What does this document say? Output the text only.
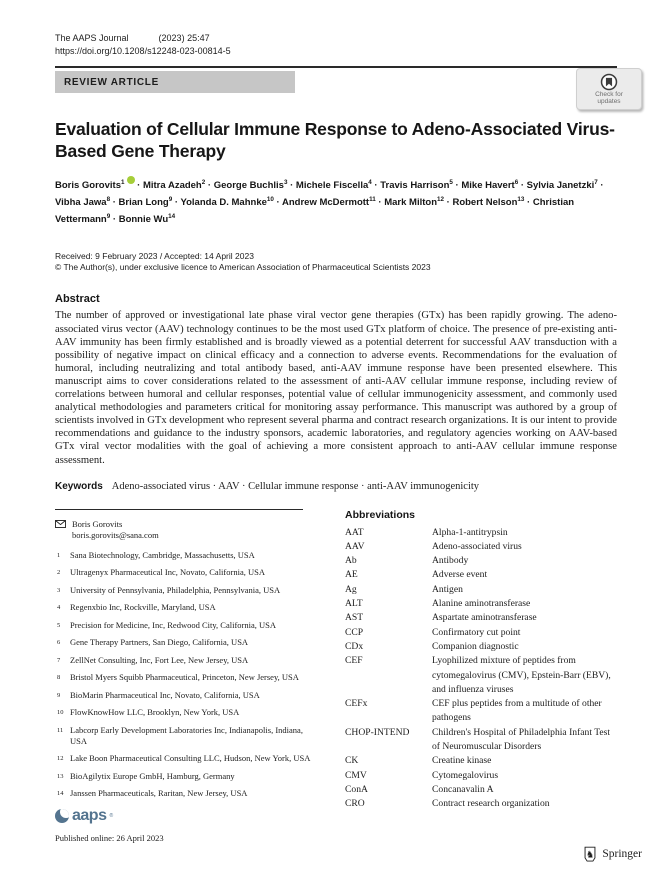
The AAPS Journal	(2023) 25:47
https://doi.org/10.1208/s12248-023-00814-5
REVIEW ARTICLE
Check for
updates
Evaluation of Cellular Immune Response to Adeno-Associated Virus-Based Gene Therapy
Boris Gorovits$^1$ · Mitra Azadeh$^2$ · George Buchlis$^3$ · Michele Fiscella$^4$ · Travis Harrison$^5$ · Mike Havert$^6$ · Sylvia Janetzki$^7$ · Vibha Jawa$^8$ · Brian Long$^9$ · Yolanda D. Mahnke$^{10}$ · Andrew McDermott$^{11}$ · Mark Milton$^{12}$ · Robert Nelson$^{13}$ · Christian Vettermann$^9$ · Bonnie Wu$^{14}$
Received: 9 February 2023 / Accepted: 14 April 2023
© The Author(s), under exclusive licence to American Association of Pharmaceutical Scientists 2023
Abstract
The number of approved or investigational late phase viral vector gene therapies (GTx) has been rapidly growing. The adeno-associated virus vector (AAV) technology continues to be the most used GTx platform of choice. The presence of pre-existing anti-AAV immunity has been firmly established and is broadly viewed as a potential deterrent for successful AAV transduction with a possibility of negative impact on clinical efficacy and a connection to adverse events. Recommendations for the evaluation of humoral, including neutralizing and total antibody based, anti-AAV immune response have been presented elsewhere. This manuscript aims to cover considerations related to the assessment of anti-AAV cellular immune response, including review of correlations between humoral and cellular responses, potential value of cellular immunogenicity assessment, and commonly used analytical methodologies and parameters critical for monitoring assay performance. This manuscript was authored by a group of scientists involved in GTx development who represent several pharma and contract research organizations. It is our intent to provide recommendations and guidance to the industry sponsors, academic laboratories, and regulatory agencies working on AAV-based GTx viral vector modalities with the goal of achieving a more consistent approach to anti-AAV cellular immune response assessment.
Keywords Adeno-associated virus · AAV · Cellular immune response · anti-AAV immunogenicity
Boris Gorovits
boris.gorovits@sana.com
1	Sana Biotechnology, Cambridge, Massachusetts, USA
2	Ultragenyx Pharmaceutical Inc, Novato, California, USA
3	University of Pennsylvania, Philadelphia, Pennsylvania, USA
4	Regenxbio Inc, Rockville, Maryland, USA
5	Precision for Medicine, Inc, Redwood City, California, USA
6	Gene Therapy Partners, San Diego, California, USA
7	ZellNet Consulting, Inc, Fort Lee, New Jersey, USA
8	Bristol Myers Squibb Pharmaceutical, Princeton, New Jersey, USA
9	BioMarin Pharmaceutical Inc, Novato, California, USA
10 FlowKnowHow LLC, Brooklyn, New York, USA
11 Labcorp Early Development Laboratories Inc, Indianapolis, Indiana, USA
12 Lake Boon Pharmaceutical Consulting LLC, Hudson, New York, USA
13 BioAgilytix Europe GmbH, Hamburg, Germany
14 Janssen Pharmaceuticals, Raritan, New Jersey, USA
aaps ®
Published online: 26 April 2023
Abbreviations
AAT	Alpha-1-antitrypsin
AAV	Adeno-associated virus
Ab	Antibody
AE	Adverse event
Ag	Antigen
ALT	Alanine aminotransferase
AST	Aspartate aminotransferase
CCP	Confirmatory cut point
CDx	Companion diagnostic
CEF	Lyophilized mixture of peptides from cytomegalovirus (CMV), Epstein-Barr (EBV), and influenza viruses
CEFx	CEF plus peptides from a multitude of other pathogens
CHOP-INTEND	Children's Hospital of Philadelphia Infant Test of Neuromuscular Disorders
CK	Creatine kinase
CMV	Cytomegalovirus
ConA	Concanavalin A
CRO	Contract research organization
♞ Springer
